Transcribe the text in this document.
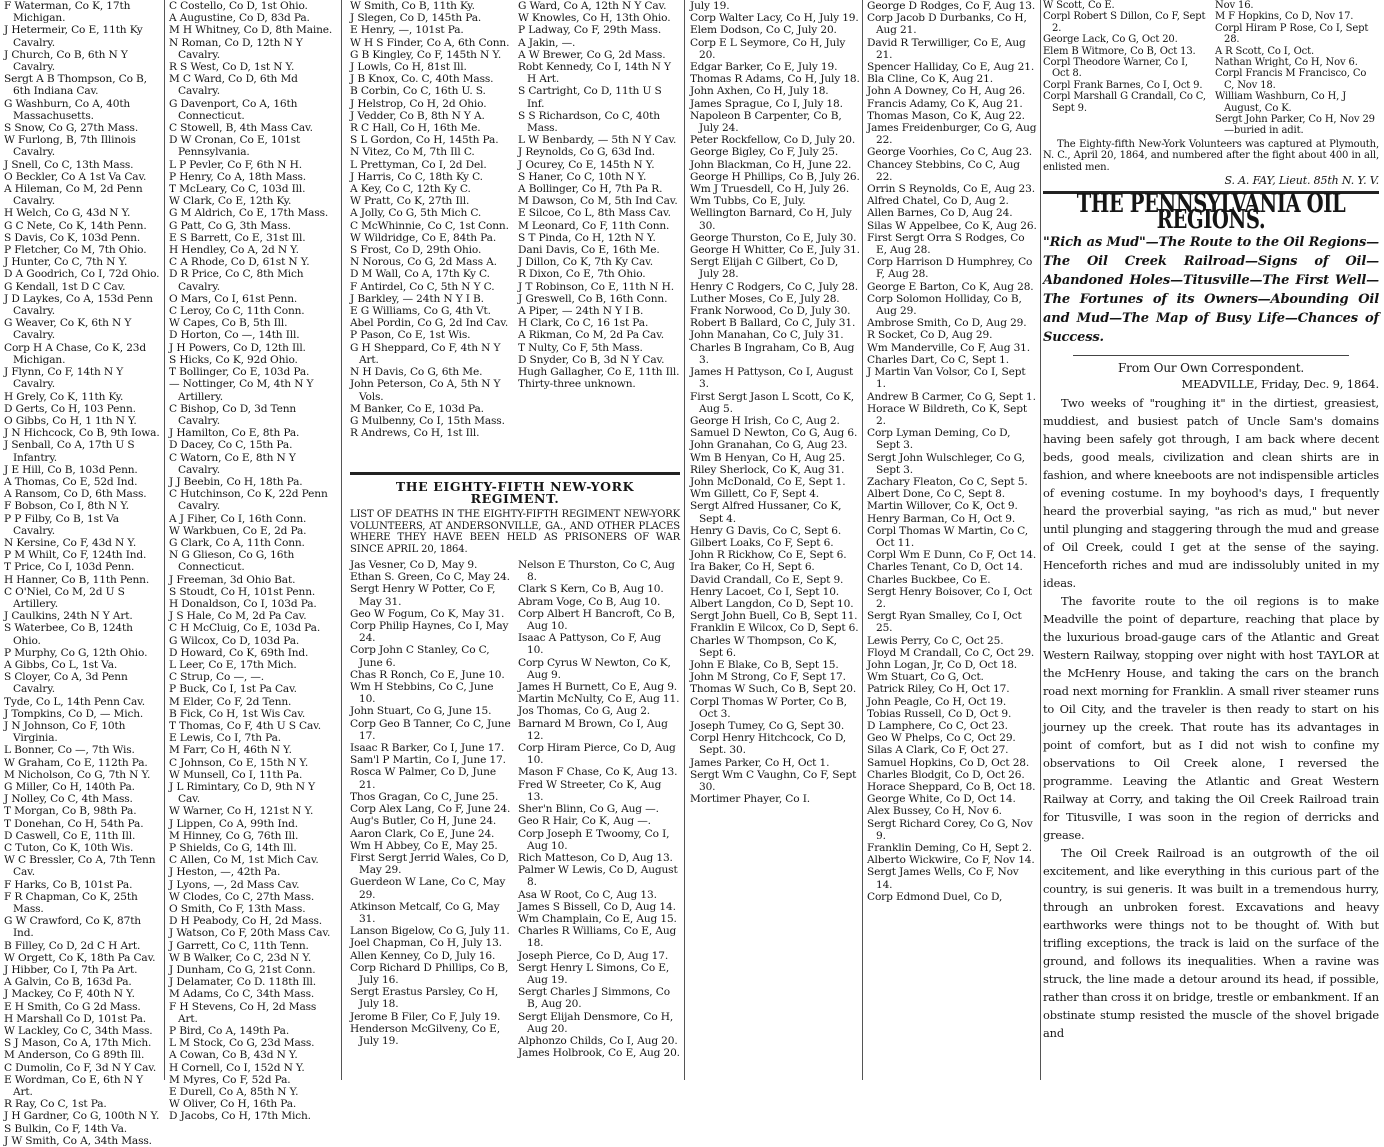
F Waterman, Co K, 17th Michigan.

J Hetermeir, Co E, 11th Ky Cavalry.

J Church, Co B, 6th N Y Cavalry.

Sergt A B Thompson, Co B, 6th Indiana Cav.

G Washburn, Co A, 40th Massachusetts.

S Snow, Co G, 27th Mass.

W Furlong, B, 7th Illinois Cavalry.

J Snell, Co C, 13th Mass.

O Beckler, Co A 1st Va Cav.

A Hileman, Co M, 2d Penn Cavalry.

H Welch, Co G, 43d N Y.

G C Nete, Co K, 14th Penn.

S Davis, Co K, 103d Penn.

P Fletcher, Co M, 7th Ohio.

J Hunter, Co C, 7th N Y.

D A Goodrich, Co I, 72d Ohio.

G Kendall, 1st D C Cav.

J D Laykes, Co A, 153d Penn Cavalry.

G Weaver, Co K, 6th N Y Cavalry.

Corp H A Chase, Co K, 23d Michigan.

J Flynn, Co F, 14th N Y Cavalry.

H Grely, Co K, 11th Ky.

D Gerts, Co H, 103 Penn.

O Gibbs, Co H, 1 1th N Y.

J N Hichcock, Co B, 9th Iowa.

J Senball, Co A, 17th U S Infantry.

J E Hill, Co B, 103d Penn.

A Thomas, Co E, 52d Ind.

A Ransom, Co D, 6th Mass.

F Bobson, Co I, 8th N Y.

P P Filby, Co B, 1st Va Cavalry.

N Kersine, Co F, 43d N Y.

P M Whilt, Co F, 124th Ind.

T Price, Co I, 103d Penn.

H Hanner, Co B, 11th Penn.

C O'Niel, Co M, 2d U S Artillery.

J Caulkins, 24th N Y Art.

S Waterbee, Co B, 124th Ohio.

P Murphy, Co G, 12th Ohio.

A Gibbs, Co L, 1st Va.

S Cloyer, Co A, 3d Penn Cavalry.

Tyde, Co L, 14th Penn Cav.

J Tompkins, Co D, — Mich.

J N Johnson, Co F, 10th Virginia.

L Bonner, Co —, 7th Wis.

W Graham, Co E, 112th Pa.

M Nicholson, Co G, 7th N Y.

G Miller, Co H, 140th Pa.

J Nolley, Co C, 4th Mass.

T Morgan, Co B, 98th Pa.

T Donehan, Co H, 54th Pa.

D Caswell, Co E, 11th Ill.

C Tuton, Co K, 10th Wis.

W C Bressler, Co A, 7th Tenn Cav.

F Harks, Co B, 101st Pa.

F R Chapman, Co K, 25th Mass.

G W Crawford, Co K, 87th Ind.

B Filley, Co D, 2d C H Art.

W Orgett, Co K, 18th Pa Cav.

J Hibber, Co I, 7th Pa Art.

A Galvin, Co B, 163d Pa.

J Mackey, Co F, 40th N Y.

E H Smith, Co G 2d Mass.

H Marshall Co D, 101st Pa.

W Lackley, Co C, 34th Mass.

S J Mason, Co A, 17th Mich.

M Anderson, Co G 89th Ill.

C Dumolin, Co F, 3d N Y Cav.

E Wordman, Co E, 6th N Y Art.

R Ray, Co C, 1st Pa.

J H Gardner, Co G, 100th N Y.

S Bulkin, Co F, 14th Va.

J W Smith, Co A, 34th Mass.

C Costello, Co D, 1st Ohio.

A Augustine, Co D, 83d Pa.

M H Whitney, Co D, 8th Maine.

N Roman, Co D, 12th N Y Cavalry.

R S West, Co D, 1st N Y.

M C Ward, Co D, 6th Md Cavalry.

G Davenport, Co A, 16th Connecticut.

C Stowell, B, 4th Mass Cav.

D W Cronan, Co E, 101st Pennsylvania.

L P Pevler, Co F, 6th N H.

P Henry, Co A, 18th Mass.

T McLeary, Co C, 103d Ill.

W Clark, Co E, 12th Ky.

G M Aldrich, Co E, 17th Mass.

G Patt, Co G, 3th Mass.

E S Barrett, Co E, 31st Ill.

H Hendley, Co A, 2d N Y.

C A Rhode, Co D, 61st N Y.

D R Price, Co C, 8th Mich Cavalry.

O Mars, Co I, 61st Penn.

C Leroy, Co C, 11th Conn.

W Capes, Co B, 5th Ill.

D Horton, Co —, 14th Ill.

J H Powers, Co D, 12th Ill.

S Hicks, Co K, 92d Ohio.

T Bollinger, Co E, 103d Pa.

— Nottinger, Co M, 4th N Y Artillery.

C Bishop, Co D, 3d Tenn Cavalry.

J Hamilton, Co E, 8th Pa.

D Dacey, Co C, 15th Pa.

C Watorn, Co E, 8th N Y Cavalry.

J J Beebin, Co H, 18th Pa.

C Hutchinson, Co K, 22d Penn Cavalry.

A J Fiher, Co I, 16th Conn.

W Warkbuen, Co E, 2d Pa.

G Clark, Co A, 11th Conn.

N G Glieson, Co G, 16th Connecticut.

J Freeman, 3d Ohio Bat.

S Stoudt, Co H, 101st Penn.

H Donaldson, Co I, 103d Pa.

J S Hale, Co M, 2d Pa Cav.

C H McCluig, Co E, 103d Pa.

G Wilcox, Co D, 103d Pa.

D Howard, Co K, 69th Ind.

L Leer, Co E, 17th Mich.

C Strup, Co —, —.

P Buck, Co I, 1st Pa Cav.

M Elder, Co F, 2d Tenn.

B Fick, Co H, 1st Wis Cav.

T Thomas, Co F, 4th U S Cav.

E Lewis, Co I, 7th Pa.

M Farr, Co H, 46th N Y.

C Johnson, Co E, 15th N Y.

W Munsell, Co I, 11th Pa.

J L Rimintary, Co D, 9th N Y Cav.

W Warner, Co H, 121st N Y.

J Lippen, Co A, 99th Ind.

M Hinney, Co G, 76th Ill.

P Shields, Co G, 14th Ill.

C Allen, Co M, 1st Mich Cav.

J Heston, —, 42th Pa.

J Lyons, —, 2d Mass Cav.

W Clodes, Co C, 27th Mass.

O Smith, Co F, 13th Mass.

D H Peabody, Co H, 2d Mass.

J Watson, Co F, 20th Mass Cav.

J Garrett, Co C, 11th Tenn.

W B Walker, Co C, 23d N Y.

J Dunham, Co G, 21st Conn.

J Delamater, Co D. 118th Ill.

M Adams, Co C, 34th Mass.

F H Stevens, Co H, 2d Mass Art.

P Bird, Co A, 149th Pa.

L M Stock, Co G, 23d Mass.

A Cowan, Co B, 43d N Y.

H Cornell, Co I, 152d N Y.

M Myres, Co F, 52d Pa.

E Durell, Co A, 85th N Y.

W Oliver, Co H, 16th Pa.

D Jacobs, Co H, 17th Mich.

W Smith, Co B, 11th Ky.

J Slegen, Co D, 145th Pa.

E Henry, —, 101st Pa.

W H S Finder, Co A, 6th Conn.

G B Kingley, Co F, 145th N Y.

J Lowls, Co H, 81st Ill.

J B Knox, Co. C, 40th Mass.

B Corbin, Co C, 16th U. S.

J Helstrop, Co H, 2d Ohio.

J Vedder, Co B, 8th N Y A.

R C Hall, Co H, 16th Me.

S L Gordon, Co H, 145th Pa.

N Vitez, Co M, 7th Ill C.

L Prettyman, Co I, 2d Del.

J Harris, Co C, 18th Ky C.

A Key, Co C, 12th Ky C.

W Pratt, Co K, 27th Ill.

A Jolly, Co G, 5th Mich C.

C McWhinnie, Co C, 1st Conn.

W Wildridge, Co E, 84th Pa.

S Frost, Co D, 29th Ohio.

N Norous, Co G, 2d Mass A.

D M Wall, Co A, 17th Ky C.

F Antirdel, Co C, 5th N Y C.

J Barkley, — 24th N Y I B.

E G Williams, Co G, 4th Vt.

Abel Pordin, Co G, 2d Ind Cav.

P Pason, Co E, 1st Wis.

G H Sheppard, Co F, 4th N Y Art.

N H Davis, Co G, 6th Me.

John Peterson, Co A, 5th N Y Vols.

M Banker, Co E, 103d Pa.

G Mulbenny, Co I, 15th Mass.

R Andrews, Co H, 1st Ill.

G Ward, Co A, 12th N Y Cav.

W Knowles, Co H, 13th Ohio.

P Ladway, Co F, 29th Mass.

A Jakin, —.

A W Brewer, Co G, 2d Mass.

Robt Kennedy, Co I, 14th N Y H Art.

S Cartright, Co D, 11th U S Inf.

S S Richardson, Co C, 40th Mass.

L W Benbardy, — 5th N Y Cav.

J Reynolds, Co G, 63d Ind.

J Ocurey, Co E, 145th N Y.

S Haner, Co C, 10th N Y.

A Bollinger, Co H, 7th Pa R.

M Dawson, Co M, 5th Ind Cav.

E Silcoe, Co L, 8th Mass Cav.

M Leonard, Co F, 11th Conn.

S T Pinda, Co H, 12th N Y.

Dani Davis, Co E, 16th Me.

J Dillon, Co K, 7th Ky Cav.

R Dixon, Co E, 7th Ohio.

J T Robinson, Co E, 11th N H.

J Greswell, Co B, 16th Conn.

A Piper, — 24th N Y I B.

H Clark, Co C, 16 1st Pa.

A Rikman, Co M, 2d Pa Cav.

T Nulty, Co F, 5th Mass.

D Snyder, Co B, 3d N Y Cav.

Hugh Gallagher, Co E, 11th Ill.

Thirty-three unknown.

THE EIGHTY-FIFTH NEW-YORK REGIMENT.

LIST OF DEATHS IN THE EIGHTY-FIFTH REGIMENT NEW-YORK VOLUNTEERS, AT ANDERSONVILLE, GA., AND OTHER PLACES WHERE THEY HAVE BEEN HELD AS PRISONERS OF WAR SINCE APRIL 20, 1864.

Jas Vesner, Co D, May 9.

Ethan S. Green, Co C, May 24.

Sergt Henry W Potter, Co F, May 31.

Geo W Fogum, Co K, May 31.

Corp Philip Haynes, Co I, May 24.

Corp John C Stanley, Co C, June 6.

Chas R Ronch, Co E, June 10.

Wm H Stebbins, Co C, June 10.

John Stuart, Co G, June 15.

Corp Geo B Tanner, Co C, June 17.

Isaac R Barker, Co I, June 17.

Sam'l P Martin, Co I, June 17.

Rosca W Palmer, Co D, June 21.

Thos Gragan, Co C, June 25.

Corp Alex Lang, Co F, June 24.

Aug's Butler, Co H, June 24.

Aaron Clark, Co E, June 24.

Wm H Abbey, Co E, May 25.

First Sergt Jerrid Wales, Co D, May 29.

Guerdeon W Lane, Co C, May 29.

Atkinson Metcalf, Co G, May 31.

Lanson Bigelow, Co G, July 11.

Joel Chapman, Co H, July 13.

Allen Kenney, Co D, July 16.

Corp Richard D Phillips, Co B, July 16.

Sergt Erastus Parsley, Co H, July 18.

Jerome B Filer, Co F, July 19.

Henderson McGilveny, Co E, July 19.

Nelson E Thurston, Co C, Aug 8.

Clark S Kern, Co B, Aug 10.

Abram Voge, Co B, Aug 10.

Corp Albert H Bancroft, Co B, Aug 10.

Isaac A Pattyson, Co F, Aug 10.

Corp Cyrus W Newton, Co K, Aug 9.

James H Burnett, Co E, Aug 9.

Martin McNulty, Co E, Aug 11.

Jos Thomas, Co G, Aug 2.

Barnard M Brown, Co I, Aug 12.

Corp Hiram Pierce, Co D, Aug 10.

Mason F Chase, Co K, Aug 13.

Fred W Streeter, Co K, Aug 13.

Sher'n Blinn, Co G, Aug —.

Geo R Hair, Co K, Aug —.

Corp Joseph E Twoomy, Co I, Aug 10.

Rich Matteson, Co D, Aug 13.

Palmer W Lewis, Co D, August 8.

Asa W Root, Co C, Aug 13.

James S Bissell, Co D, Aug 14.

Wm Champlain, Co E, Aug 15.

Charles R Williams, Co E, Aug 18.

Joseph Pierce, Co D, Aug 17.

Sergt Henry L Simons, Co E, Aug 19.

Sergt Charles J Simmons, Co B, Aug 20.

Sergt Elijah Densmore, Co H, Aug 20.

Alphonzo Childs, Co I, Aug 20.

James Holbrook, Co E, Aug 20.

July 19.

Corp Walter Lacy, Co H, July 19.

Elem Dodson, Co C, July 20.

Corp E L Seymore, Co H, July 20.

Edgar Barker, Co E, July 19.

Thomas R Adams, Co H, July 18.

John Axhen, Co H, July 18.

James Sprague, Co I, July 18.

Napoleon B Carpenter, Co B, July 24.

Peter Rockfellow, Co D, July 20.

George Bigley, Co F, July 25.

John Blackman, Co H, June 22.

George H Phillips, Co B, July 26.

Wm J Truesdell, Co H, July 26.

Wm Tubbs, Co E, July.

Wellington Barnard, Co H, July 30.

George Thurston, Co E, July 30.

George H Whitter, Co E, July 31.

Sergt Elijah C Gilbert, Co D, July 28.

Henry C Rodgers, Co C, July 28.

Luther Moses, Co E, July 28.

Frank Norwood, Co D, July 30.

Robert B Ballard, Co C, July 31.

John Manahan, Co C, July 31.

Charles B Ingraham, Co B, Aug 3.

James H Pattyson, Co I, August 3.

First Sergt Jason L Scott, Co K, Aug 5.

George H Irish, Co C, Aug 2.

Samuel D Newton, Co G, Aug 6.

John Granahan, Co G, Aug 23.

Wm B Henyan, Co H, Aug 25.

Riley Sherlock, Co K, Aug 31.

John McDonald, Co E, Sept 1.

Wm Gillett, Co F, Sept 4.

Sergt Alfred Hussaner, Co K, Sept 4.

Henry G Davis, Co C, Sept 6.

Gilbert Loaks, Co F, Sept 6.

John R Rickhow, Co E, Sept 6.

Ira Baker, Co H, Sept 6.

David Crandall, Co E, Sept 9.

Henry Lacoet, Co I, Sept 10.

Albert Langdon, Co D, Sept 10.

Sergt John Buell, Co B, Sept 11.

Franklin E Wilcox, Co D, Sept 6.

Charles W Thompson, Co K, Sept 6.

John E Blake, Co B, Sept 15.

John M Strong, Co F, Sept 17.

Thomas W Such, Co B, Sept 20.

Corpl Thomas W Porter, Co B, Oct 3.

Joseph Tumey, Co G, Sept 30.

Corpl Henry Hitchcock, Co D, Sept. 30.

James Parker, Co H, Oct 1.

Sergt Wm C Vaughn, Co F, Sept 30.

Mortimer Phayer, Co I.

George D Rodges, Co F, Aug 13.

Corp Jacob D Durbanks, Co H, Aug 21.

David R Terwilliger, Co E, Aug 21.

Spencer Halliday, Co E, Aug 21.

Bla Cline, Co K, Aug 21.

John A Downey, Co H, Aug 26.

Francis Adamy, Co K, Aug 21.

Thomas Mason, Co K, Aug 22.

James Freidenburger, Co G, Aug 22.

George Voorhies, Co C, Aug 23.

Chancey Stebbins, Co C, Aug 22.

Orrin S Reynolds, Co E, Aug 23.

Alfred Chatel, Co D, Aug 2.

Allen Barnes, Co D, Aug 24.

Silas W Appelbee, Co K, Aug 26.

First Sergt Orra S Rodges, Co E, Aug 28.

Corp Harrison D Humphrey, Co F, Aug 28.

George E Barton, Co K, Aug 28.

Corp Solomon Holliday, Co B, Aug 29.

Ambrose Smith, Co D, Aug 29.

R Socket, Co D, Aug 29.

Wm Manderville, Co F, Aug 31.

Charles Dart, Co C, Sept 1.

J Martin Van Volsor, Co I, Sept 1.

Andrew B Carmer, Co G, Sept 1.

Horace W Bildreth, Co K, Sept 2.

Corp Lyman Deming, Co D, Sept 3.

Sergt John Wulschleger, Co G, Sept 3.

Zachary Fleaton, Co C, Sept 5.

Albert Done, Co C, Sept 8.

Martin Willover, Co K, Oct 9.

Henry Barman, Co H, Oct 9.

Corpl Thomas W Martin, Co C, Oct 11.

Corpl Wm E Dunn, Co F, Oct 14.

Charles Tenant, Co D, Oct 14.

Charles Buckbee, Co E.

Sergt Henry Boisover, Co I, Oct 2.

Sergt Ryan Smalley, Co I, Oct 25.

Lewis Perry, Co C, Oct 25.

Floyd M Crandall, Co C, Oct 29.

John Logan, Jr, Co D, Oct 18.

Wm Stuart, Co G, Oct.

Patrick Riley, Co H, Oct 17.

John Peagle, Co H, Oct 19.

Tobias Russell, Co D, Oct 9.

D Lamphere, Co C, Oct 23.

Geo W Phelps, Co C, Oct 29.

Silas A Clark, Co F, Oct 27.

Samuel Hopkins, Co D, Oct 28.

Charles Blodgit, Co D, Oct 26.

Horace Sheppard, Co B, Oct 18.

George White, Co D, Oct 14.

Alex Bussey, Co H, Nov 6.

Sergt Richard Corey, Co G, Nov 9.

Franklin Deming, Co H, Sept 2.

Alberto Wickwire, Co F, Nov 14.

Sergt James Wells, Co F, Nov 14.

Corp Edmond Duel, Co D,

W Scott, Co E.

Corpl Robert S Dillon, Co F, Sept 2.

George Lack, Co G, Oct 20.

Elem B Witmore, Co B, Oct 13.

Corpl Theodore Warner, Co I, Oct 8.

Corpl Frank Barnes, Co I, Oct 9.

Corpl Marshall G Crandall, Co C, Sept 9.

Nov 16.

M F Hopkins, Co D, Nov 17.

Corpl Hiram P Rose, Co I, Sept 28.

A R Scott, Co I, Oct.

Nathan Wright, Co H, Nov 6.

Corpl Francis M Francisco, Co C, Nov 18.

William Washburn, Co H, J August, Co K.

Sergt John Parker, Co H, Nov 29—buried in adit.

The Eighty-fifth New-York Volunteers was captured at Plymouth, N. C., April 20, 1864, and numbered after the fight about 400 in all, enlisted men.

S. A. FAY, Lieut. 85th N. Y. V.
THE PENNSYLVANIA OIL REGIONS.

"Rich as Mud"—The Route to the Oil Regions—The Oil Creek Railroad—Signs of Oil—Abandoned Holes—Titusville—The First Well—The Fortunes of its Owners—Abounding Oil and Mud—The Map of Busy Life—Chances of Success.

From Our Own Correspondent.
MEADVILLE, Friday, Dec. 9, 1864.

Two weeks of "roughing it" in the dirtiest, greasiest, muddiest, and busiest patch of Uncle Sam's domains having been safely got through, I am back where decent beds, good meals, civilization and clean shirts are in fashion, and where kneeboots are not indispensible articles of evening costume. In my boyhood's days, I frequently heard the proverbial saying, "as rich as mud," but never until plunging and staggering through the mud and grease of Oil Creek, could I get at the sense of the saying. Henceforth riches and mud are indissolubly united in my ideas.

The favorite route to the oil regions is to make Meadville the point of departure, reaching that place by the luxurious broad-gauge cars of the Atlantic and Great Western Railway, stopping over night with host TAYLOR at the McHenry House, and taking the cars on the branch road next morning for Franklin. A small river steamer runs to Oil City, and the traveler is then ready to start on his journey up the creek. That route has its advantages in point of comfort, but as I did not wish to confine my observations to Oil Creek alone, I reversed the programme. Leaving the Atlantic and Great Western Railway at Corry, and taking the Oil Creek Railroad train for Titusville, I was soon in the region of derricks and grease.

The Oil Creek Railroad is an outgrowth of the oil excitement, and like everything in this curious part of the country, is sui generis. It was built in a tremendous hurry, through an unbroken forest. Excavations and heavy earthworks were things not to be thought of. With but trifling exceptions, the track is laid on the surface of the ground, and follows its inequalities. When a ravine was struck, the line made a detour around its head, if possible, rather than cross it on bridge, trestle or embankment. If an obstinate stump resisted the muscle of the shovel brigade and
